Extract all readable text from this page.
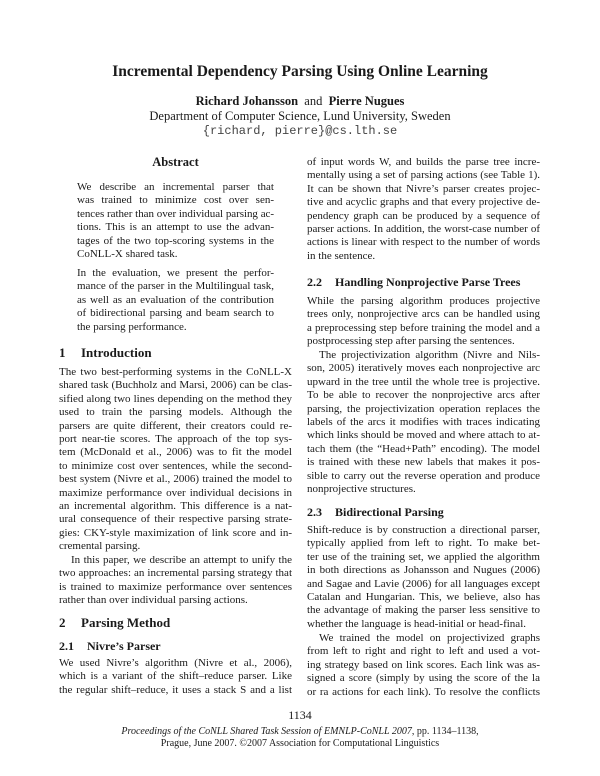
Incremental Dependency Parsing Using Online Learning
Richard Johansson and Pierre Nugues
Department of Computer Science, Lund University, Sweden
{richard, pierre}@cs.lth.se
Abstract
We describe an incremental parser that
was trained to minimize cost over sen-
tences rather than over individual parsing ac-
tions. This is an attempt to use the advan-
tages of the two top-scoring systems in the
CoNLL-X shared task.
In the evaluation, we present the perfor-
mance of the parser in the Multilingual task,
as well as an evaluation of the contribution
of bidirectional parsing and beam search to
the parsing performance.
1 Introduction
The two best-performing systems in the CoNLL-X
shared task (Buchholz and Marsi, 2006) can be clas-
sified along two lines depending on the method they
used to train the parsing models. Although the
parsers are quite different, their creators could re-
port near-tie scores. The approach of the top sys-
tem (McDonald et al., 2006) was to fit the model
to minimize cost over sentences, while the second-
best system (Nivre et al., 2006) trained the model to
maximize performance over individual decisions in
an incremental algorithm. This difference is a nat-
ural consequence of their respective parsing strate-
gies: CKY-style maximization of link score and in-
cremental parsing.
In this paper, we describe an attempt to unify the
two approaches: an incremental parsing strategy that
is trained to maximize performance over sentences
rather than over individual parsing actions.
2 Parsing Method
2.1 Nivre’s Parser
We used Nivre’s algorithm (Nivre et al., 2006),
which is a variant of the shift–reduce parser. Like
the regular shift–reduce, it uses a stack S and a list
of input words W, and builds the parse tree incre-
mentally using a set of parsing actions (see Table 1).
It can be shown that Nivre’s parser creates projec-
tive and acyclic graphs and that every projective de-
pendency graph can be produced by a sequence of
parser actions. In addition, the worst-case number of
actions is linear with respect to the number of words
in the sentence.
2.2 Handling Nonprojective Parse Trees
While the parsing algorithm produces projective
trees only, nonprojective arcs can be handled using
a preprocessing step before training the model and a
postprocessing step after parsing the sentences.
The projectivization algorithm (Nivre and Nils-
son, 2005) iteratively moves each nonprojective arc
upward in the tree until the whole tree is projective.
To be able to recover the nonprojective arcs after
parsing, the projectivization operation replaces the
labels of the arcs it modifies with traces indicating
which links should be moved and where attach to at-
tach them (the “Head+Path” encoding). The model
is trained with these new labels that makes it pos-
sible to carry out the reverse operation and produce
nonprojective structures.
2.3 Bidirectional Parsing
Shift-reduce is by construction a directional parser,
typically applied from left to right. To make bet-
ter use of the training set, we applied the algorithm
in both directions as Johansson and Nugues (2006)
and Sagae and Lavie (2006) for all languages except
Catalan and Hungarian. This, we believe, also has
the advantage of making the parser less sensitive to
whether the language is head-initial or head-final.
We trained the model on projectivized graphs
from left to right and right to left and used a vot-
ing strategy based on link scores. Each link was as-
signed a score (simply by using the score of the la
or ra actions for each link). To resolve the conflicts
1134
Proceedings of the CoNLL Shared Task Session of EMNLP-CoNLL 2007, pp. 1134–1138,
Prague, June 2007. ©2007 Association for Computational Linguistics
